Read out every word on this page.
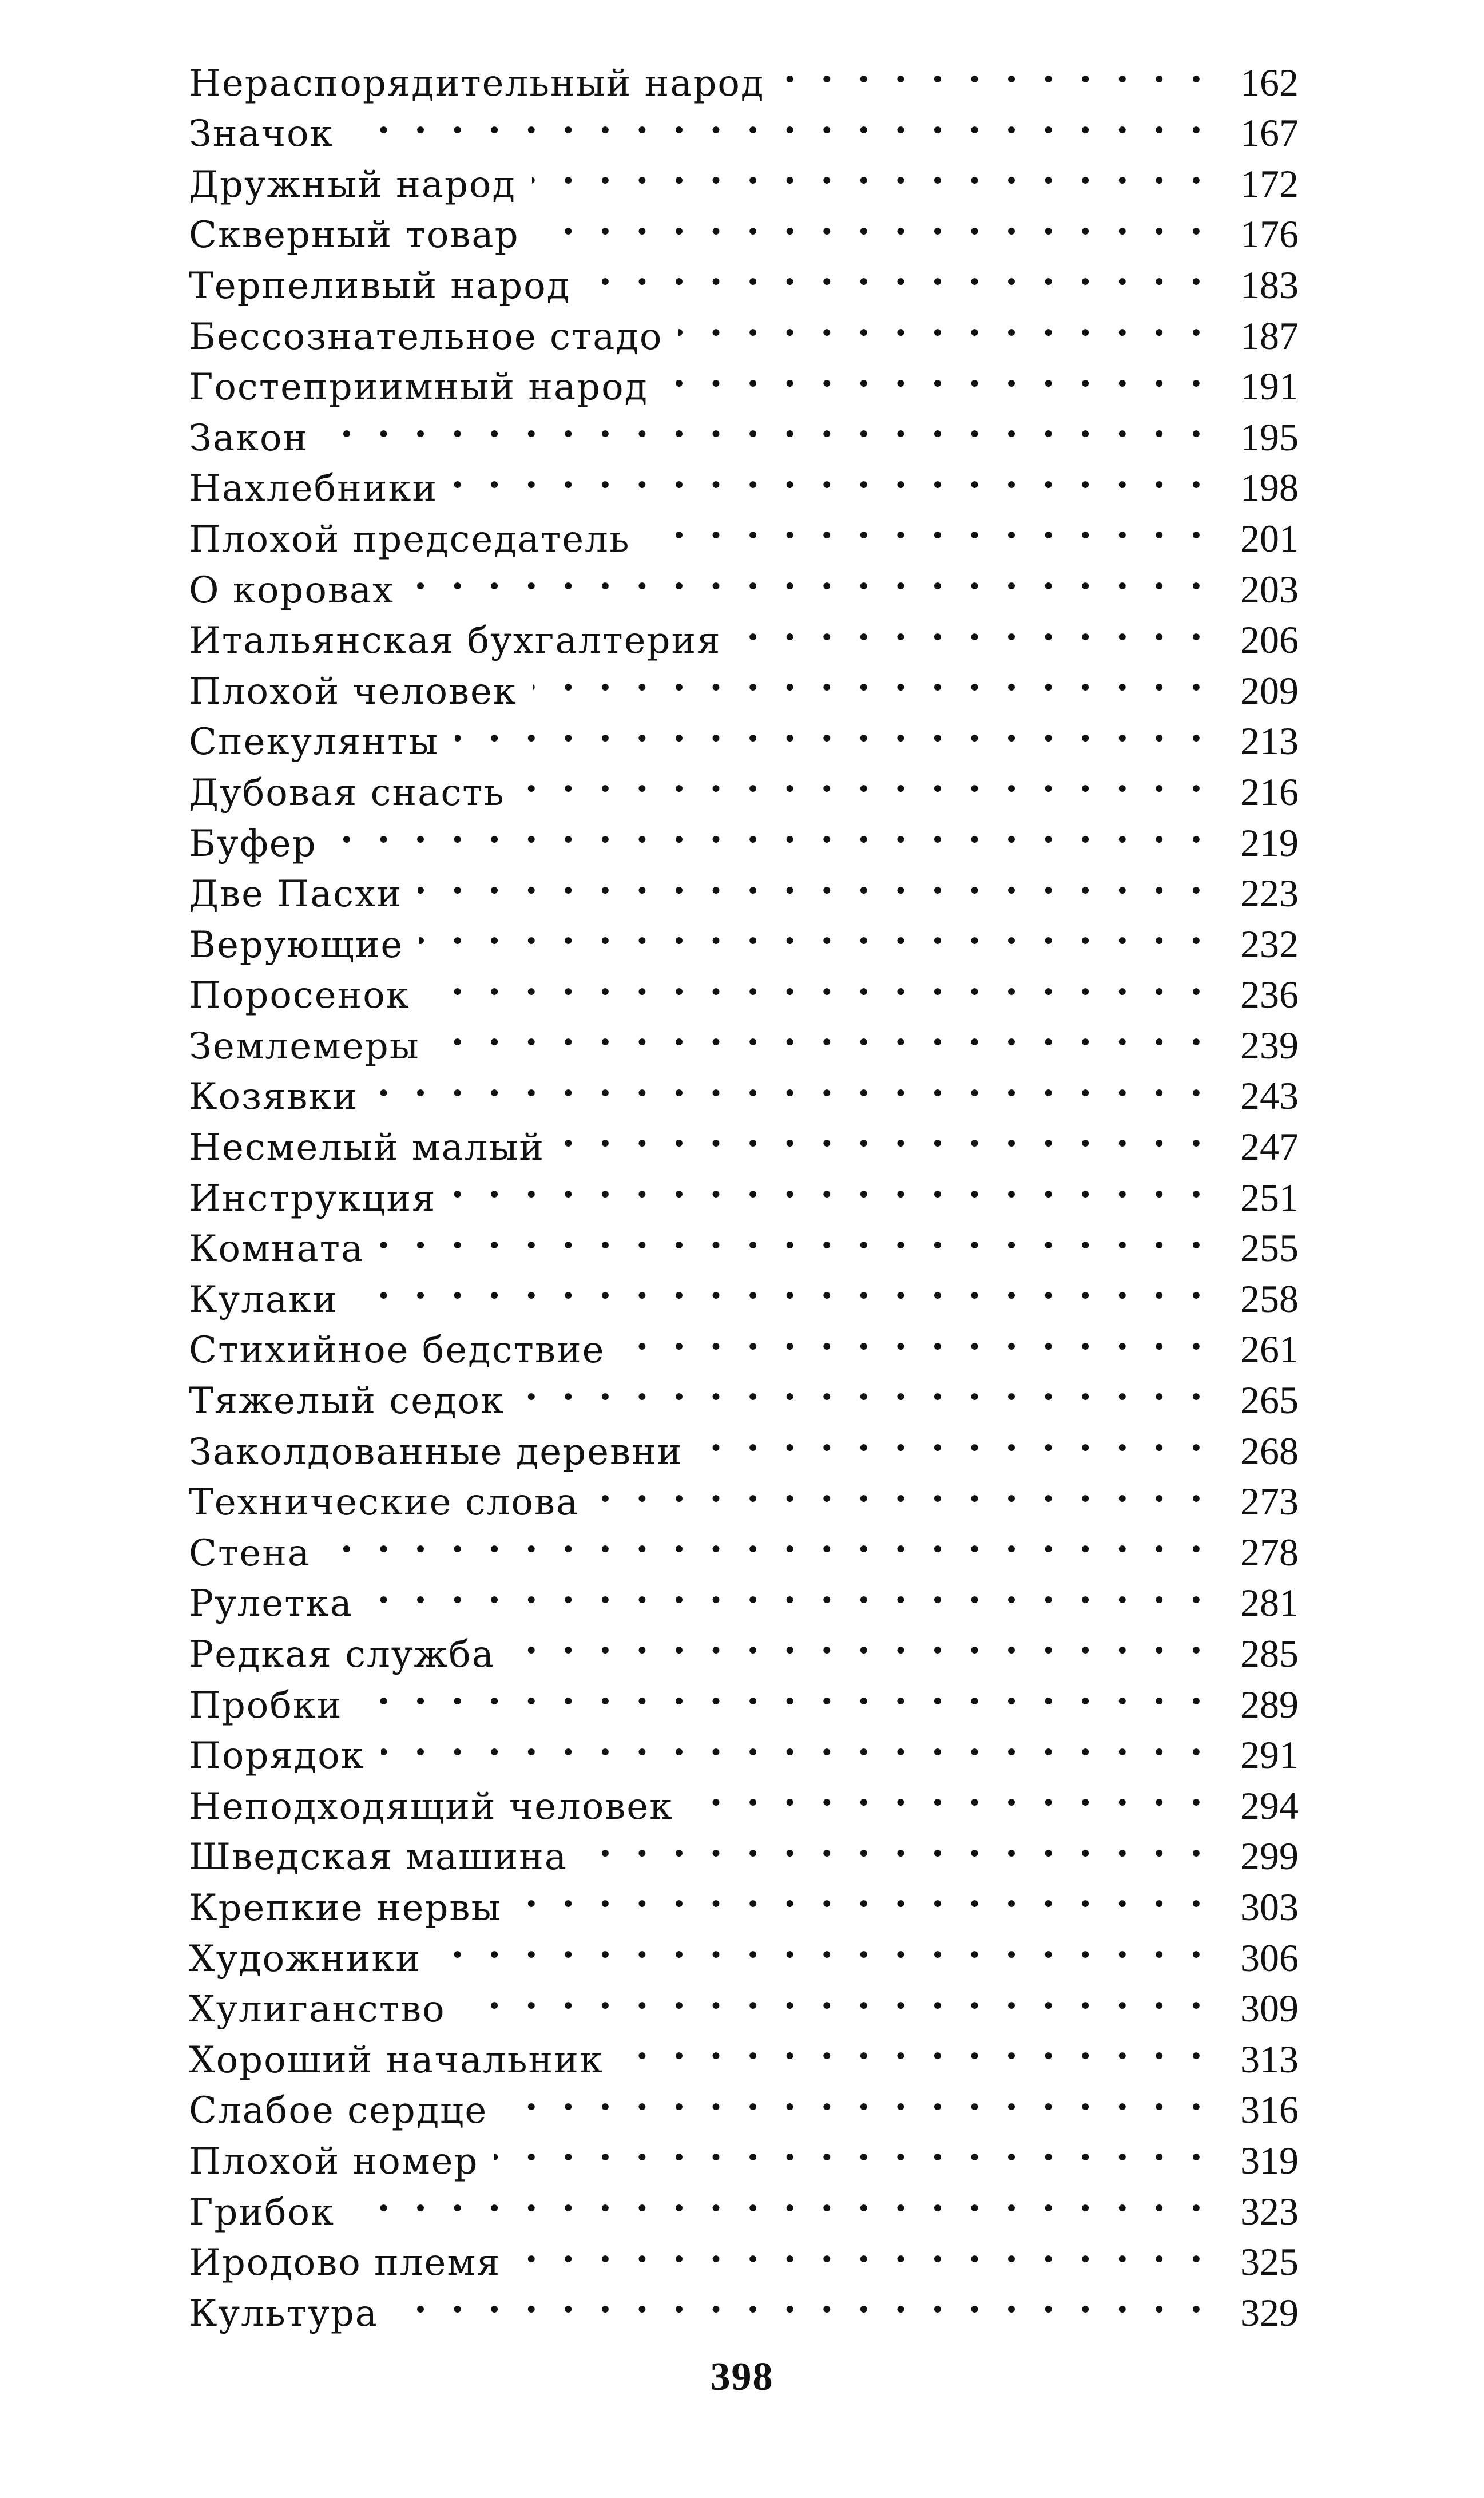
Нераспорядительный народ . .	162
Значок . .	167
Дружный народ . .	172
Скверный товар . .	176
Терпеливый народ . .	183
Бессознательное стадо . .	187
Гостеприимный народ . .	191
Закон . .	195
Нахлебники . .	198
Плохой председатель . .	201
О коровах . .	203
Итальянская бухгалтерия . .	206
Плохой человек . .	209
Спекулянты . .	213
Дубовая снасть . .	216
Буфер . .	219
Две Пасхи . .	223
Верующие . .	232
Поросенок . .	236
Землемеры . .	239
Козявки . .	243
Несмелый малый . .	247
Инструкция . .	251
Комната . .	255
Кулаки . .	258
Стихийное бедствие . .	261
Тяжелый седок . .	265
Заколдованные деревни . .	268
Технические слова . .	273
Стена . .	278
Рулетка . .	281
Редкая служба . .	285
Пробки . .	289
Порядок . .	291
Неподходящий человек . .	294
Шведская машина . .	299
Крепкие нервы . .	303
Художники . .	306
Хулиганство . .	309
Хороший начальник . .	313
Слабое сердце . .	316
Плохой номер . .	319
Грибок . .	323
Иродово племя . .	325
Культура . .	329
398
